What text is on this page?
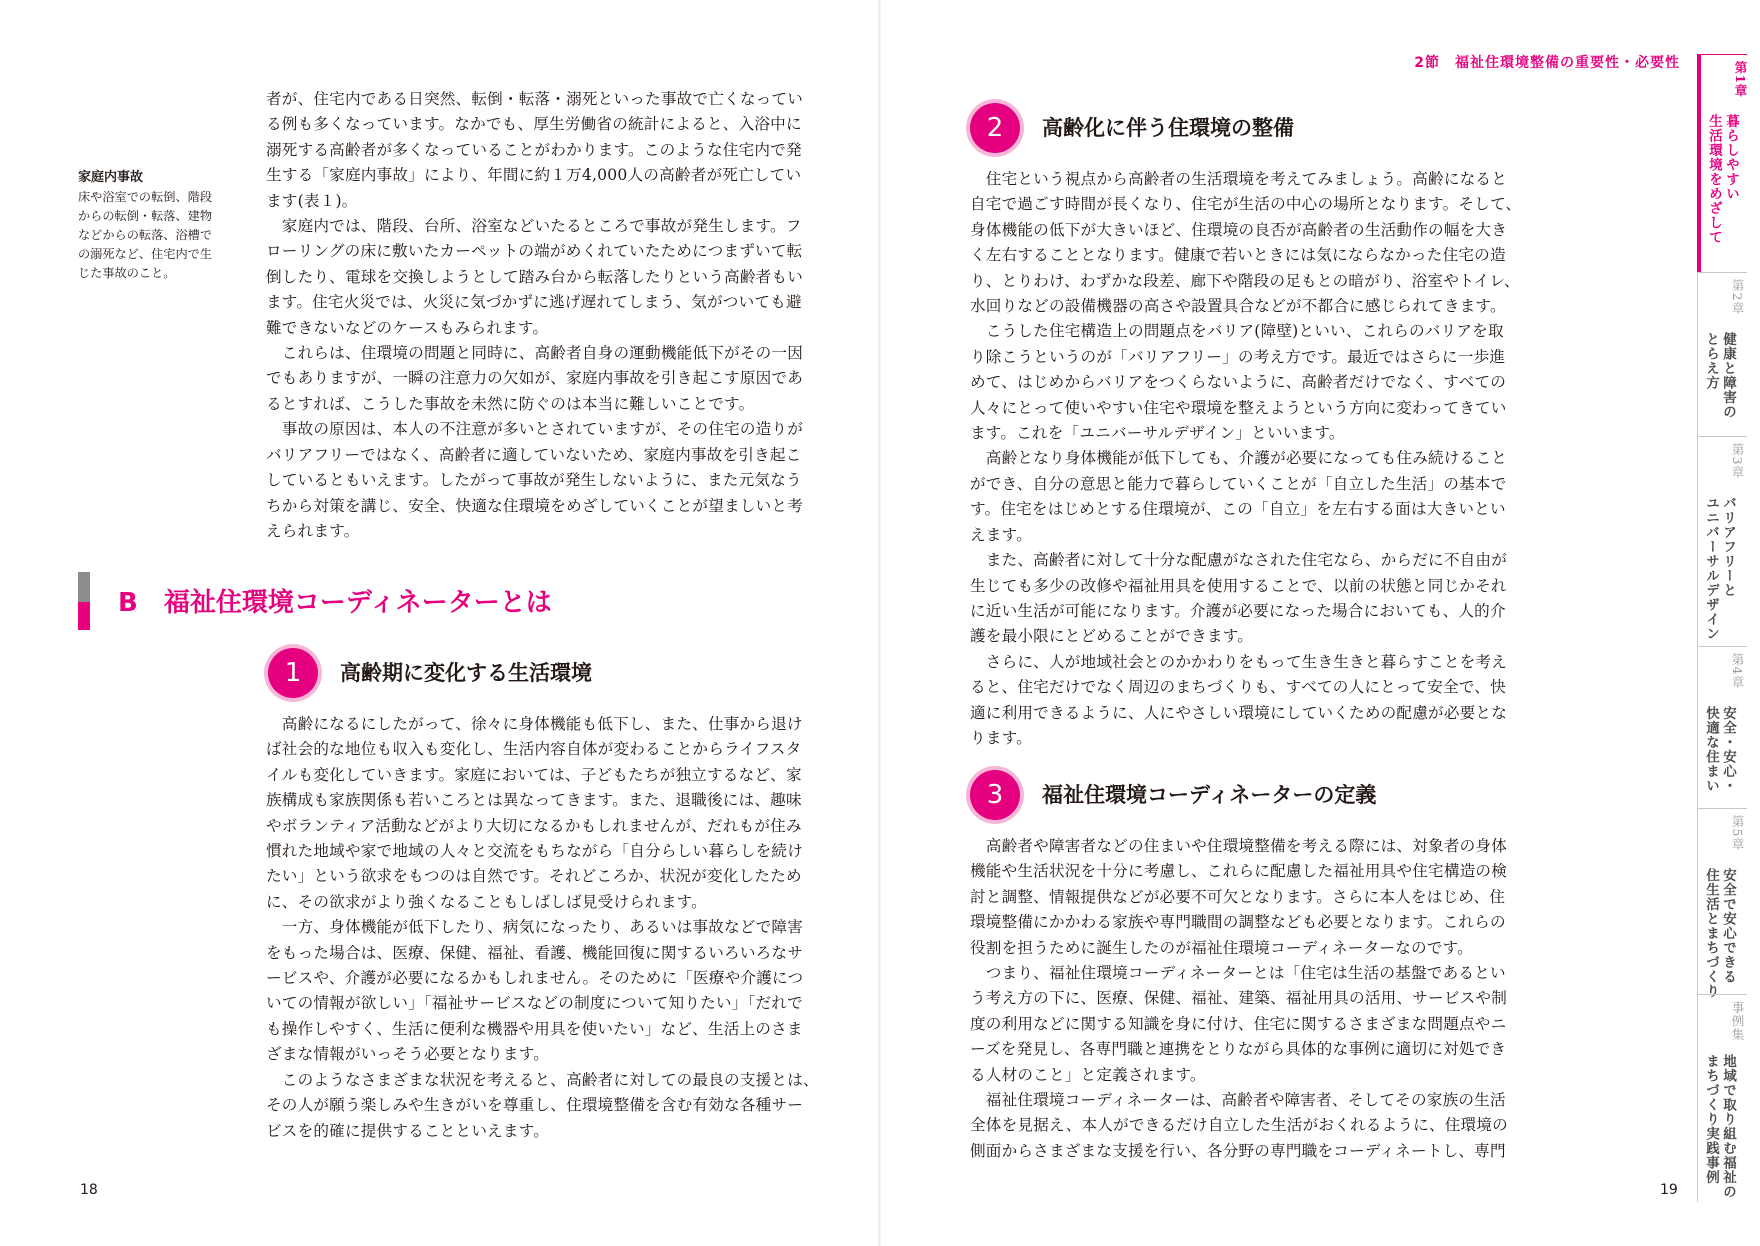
家庭内事故
床や浴室での転倒、階段
からの転倒・転落、建物
などからの転落、浴槽で
の溺死など、住宅内で生
じた事故のこと。
者が、住宅内である日突然、転倒・転落・溺死といった事故で亡くなってい
る例も多くなっています。なかでも、厚生労働省の統計によると、入浴中に
溺死する高齢者が多くなっていることがわかります。このような住宅内で発
生する「家庭内事故」により、年間に約１万4,000人の高齢者が死亡してい
ます(表１)。
　家庭内では、階段、台所、浴室などいたるところで事故が発生します。フ
ローリングの床に敷いたカーペットの端がめくれていたためにつまずいて転
倒したり、電球を交換しようとして踏み台から転落したりという高齢者もい
ます。住宅火災では、火災に気づかずに逃げ遅れてしまう、気がついても避
難できないなどのケースもみられます。
　これらは、住環境の問題と同時に、高齢者自身の運動機能低下がその一因
でもありますが、一瞬の注意力の欠如が、家庭内事故を引き起こす原因であ
るとすれば、こうした事故を未然に防ぐのは本当に難しいことです。
　事故の原因は、本人の不注意が多いとされていますが、その住宅の造りが
バリアフリーではなく、高齢者に適していないため、家庭内事故を引き起こ
しているともいえます。したがって事故が発生しないように、また元気なう
ちから対策を講じ、安全、快適な住環境をめざしていくことが望ましいと考
えられます。
B　福祉住環境コーディネーターとは
1	高齢期に変化する生活環境
　高齢になるにしたがって、徐々に身体機能も低下し、また、仕事から退け
ば社会的な地位も収入も変化し、生活内容自体が変わることからライフスタ
イルも変化していきます。家庭においては、子どもたちが独立するなど、家
族構成も家族関係も若いころとは異なってきます。また、退職後には、趣味
やボランティア活動などがより大切になるかもしれませんが、だれもが住み
慣れた地域や家で地域の人々と交流をもちながら「自分らしい暮らしを続け
たい」という欲求をもつのは自然です。それどころか、状況が変化したため
に、その欲求がより強くなることもしばしば見受けられます。
　一方、身体機能が低下したり、病気になったり、あるいは事故などで障害
をもった場合は、医療、保健、福祉、看護、機能回復に関するいろいろなサ
ービスや、介護が必要になるかもしれません。そのために「医療や介護につ
いての情報が欲しい」「福祉サービスなどの制度について知りたい」「だれで
も操作しやすく、生活に便利な機器や用具を使いたい」など、生活上のさま
ざまな情報がいっそう必要となります。
　このようなさまざまな状況を考えると、高齢者に対しての最良の支援とは、
その人が願う楽しみや生きがいを尊重し、住環境整備を含む有効な各種サー
ビスを的確に提供することといえます。
18
2節　福祉住環境整備の重要性・必要性
2	高齢化に伴う住環境の整備
　住宅という視点から高齢者の生活環境を考えてみましょう。高齢になると
自宅で過ごす時間が長くなり、住宅が生活の中心の場所となります。そして、
身体機能の低下が大きいほど、住環境の良否が高齢者の生活動作の幅を大き
く左右することとなります。健康で若いときには気にならなかった住宅の造
り、とりわけ、わずかな段差、廊下や階段の足もとの暗がり、浴室やトイレ、
水回りなどの設備機器の高さや設置具合などが不都合に感じられてきます。
　こうした住宅構造上の問題点をバリア(障壁)といい、これらのバリアを取
り除こうというのが「バリアフリー」の考え方です。最近ではさらに一歩進
めて、はじめからバリアをつくらないように、高齢者だけでなく、すべての
人々にとって使いやすい住宅や環境を整えようという方向に変わってきてい
ます。これを「ユニバーサルデザイン」といいます。
　高齢となり身体機能が低下しても、介護が必要になっても住み続けること
ができ、自分の意思と能力で暮らしていくことが「自立した生活」の基本で
す。住宅をはじめとする住環境が、この「自立」を左右する面は大きいとい
えます。
　また、高齢者に対して十分な配慮がなされた住宅なら、からだに不自由が
生じても多少の改修や福祉用具を使用することで、以前の状態と同じかそれ
に近い生活が可能になります。介護が必要になった場合においても、人的介
護を最小限にとどめることができます。
　さらに、人が地域社会とのかかわりをもって生き生きと暮らすことを考え
ると、住宅だけでなく周辺のまちづくりも、すべての人にとって安全で、快
適に利用できるように、人にやさしい環境にしていくための配慮が必要とな
ります。
3	福祉住環境コーディネーターの定義
　高齢者や障害者などの住まいや住環境整備を考える際には、対象者の身体
機能や生活状況を十分に考慮し、これらに配慮した福祉用具や住宅構造の検
討と調整、情報提供などが必要不可欠となります。さらに本人をはじめ、住
環境整備にかかわる家族や専門職間の調整なども必要となります。これらの
役割を担うために誕生したのが福祉住環境コーディネーターなのです。
　つまり、福祉住環境コーディネーターとは「住宅は生活の基盤であるとい
う考え方の下に、医療、保健、福祉、建築、福祉用具の活用、サービスや制
度の利用などに関する知識を身に付け、住宅に関するさまざまな問題点やニ
ーズを発見し、各専門職と連携をとりながら具体的な事例に適切に対処でき
る人材のこと」と定義されます。
　福祉住環境コーディネーターは、高齢者や障害者、そしてその家族の生活
全体を見据え、本人ができるだけ自立した生活がおくれるように、住環境の
側面からさまざまな支援を行い、各分野の専門職をコーディネートし、専門
19
第1章
暮らしやすい
生活環境をめざして
第2章
健康と障害の
とらえ方
第3章
バリアフリーと
ユニバーサルデザイン
第4章
安全・安心・
快適な住まい
第5章
安全で安心できる
住生活とまちづくり
事例集
地域で取り組む福祉の
まちづくり実践事例
